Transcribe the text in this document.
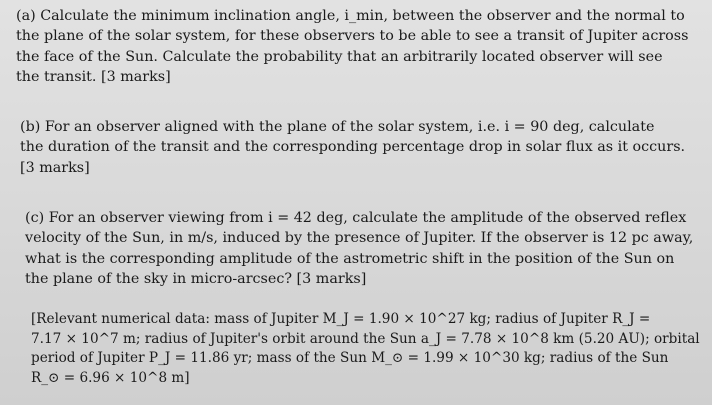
(a) Calculate the minimum inclination angle, i_min, between the observer and the normal to
the plane of the solar system, for these observers to be able to see a transit of Jupiter across
the face of the Sun. Calculate the probability that an arbitrarily located observer will see
the transit. [3 marks]

(b) For an observer aligned with the plane of the solar system, i.e. i = 90 deg, calculate
the duration of the transit and the corresponding percentage drop in solar flux as it occurs.
[3 marks]

(c) For an observer viewing from i = 42 deg, calculate the amplitude of the observed reflex
velocity of the Sun, in m/s, induced by the presence of Jupiter. If the observer is 12 pc away,
what is the corresponding amplitude of the astrometric shift in the position of the Sun on
the plane of the sky in micro-arcsec? [3 marks]

[Relevant numerical data: mass of Jupiter M_J = 1.90 × 10^27 kg; radius of Jupiter R_J =
7.17 × 10^7 m; radius of Jupiter's orbit around the Sun a_J = 7.78 × 10^8 km (5.20 AU); orbital
period of Jupiter P_J = 11.86 yr; mass of the Sun M_⊙ = 1.99 × 10^30 kg; radius of the Sun
R_⊙ = 6.96 × 10^8 m]
